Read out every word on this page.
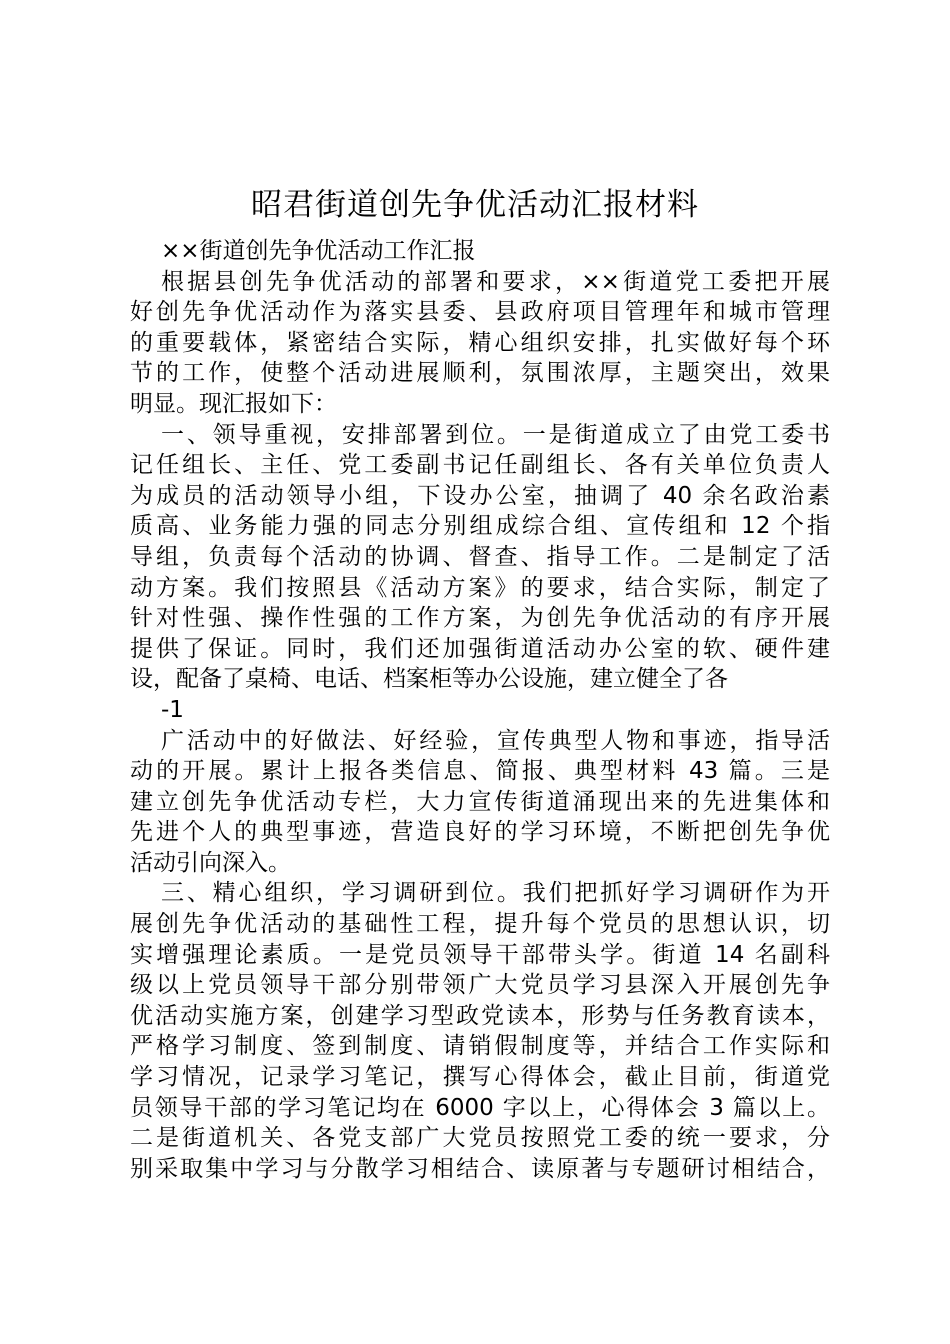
昭君街道创先争优活动汇报材料
××街道创先争优活动工作汇报
根据县创先争优活动的部署和要求，××街道党工委把开展
好创先争优活动作为落实县委、县政府项目管理年和城市管理
的重要载体，紧密结合实际，精心组织安排，扎实做好每个环
节的工作，使整个活动进展顺利，氛围浓厚，主题突出，效果
明显。现汇报如下：
一、领导重视，安排部署到位。一是街道成立了由党工委书
记任组长、主任、党工委副书记任副组长、各有关单位负责人
为成员的活动领导小组，下设办公室，抽调了 40 余名政治素
质高、业务能力强的同志分别组成综合组、宣传组和 12 个指
导组，负责每个活动的协调、督查、指导工作。二是制定了活
动方案。我们按照县《活动方案》的要求，结合实际，制定了
针对性强、操作性强的工作方案，为创先争优活动的有序开展
提供了保证。同时，我们还加强街道活动办公室的软、硬件建
设，配备了桌椅、电话、档案柜等办公设施，建立健全了各
-1
广活动中的好做法、好经验，宣传典型人物和事迹，指导活
动的开展。累计上报各类信息、简报、典型材料 43 篇。三是
建立创先争优活动专栏，大力宣传街道涌现出来的先进集体和
先进个人的典型事迹，营造良好的学习环境，不断把创先争优
活动引向深入。
三、精心组织，学习调研到位。我们把抓好学习调研作为开
展创先争优活动的基础性工程，提升每个党员的思想认识，切
实增强理论素质。一是党员领导干部带头学。街道 14 名副科
级以上党员领导干部分别带领广大党员学习县深入开展创先争
优活动实施方案，创建学习型政党读本，形势与任务教育读本，
严格学习制度、签到制度、请销假制度等，并结合工作实际和
学习情况，记录学习笔记，撰写心得体会，截止目前，街道党
员领导干部的学习笔记均在 6000 字以上，心得体会 3 篇以上。
二是街道机关、各党支部广大党员按照党工委的统一要求，分
别采取集中学习与分散学习相结合、读原著与专题研讨相结合，
